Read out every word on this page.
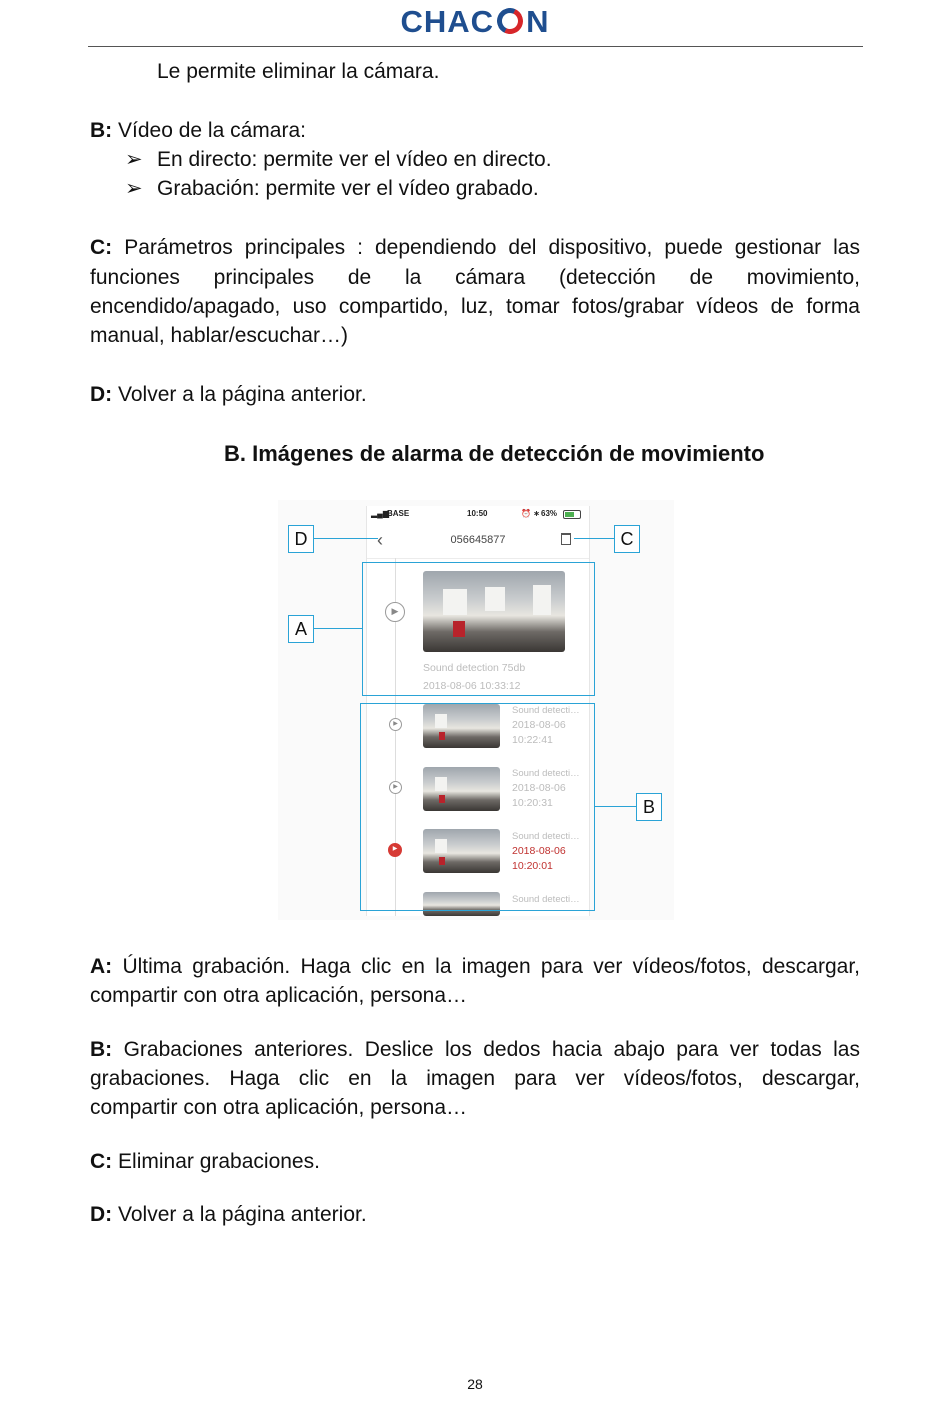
CHAC N
Le permite eliminar la cámara.
B: Vídeo de la cámara:
➢ En directo: permite ver el vídeo en directo.
➢ Grabación: permite ver el vídeo grabado.
C: Parámetros principales : dependiendo del dispositivo, puede gestionar las
funciones principales de la cámara (detección de movimiento,
encendido/apagado, uso compartido, luz, tomar fotos/grabar vídeos de forma
manual, hablar/escuchar…)
D: Volver a la página anterior.
B. Imágenes de alarma de detección de movimiento
▂▄▆
BASE	10:50	⏰ ∗ 63%
‹	056645877
▶
Sound detection 75db
2018-08-06 10:33:12
▶
Sound detecti…
2018-08-06
10:22:41
▶
Sound detecti…
2018-08-06
10:20:31
▶
Sound detecti…
2018-08-06
10:20:01
Sound detecti…
D	C
A
B
A: Última grabación. Haga clic en la imagen para ver vídeos/fotos, descargar,
compartir con otra aplicación, persona…
B: Grabaciones anteriores. Deslice los dedos hacia abajo para ver todas las
grabaciones. Haga clic en la imagen para ver vídeos/fotos, descargar,
compartir con otra aplicación, persona…
C: Eliminar grabaciones.
D: Volver a la página anterior.
28
